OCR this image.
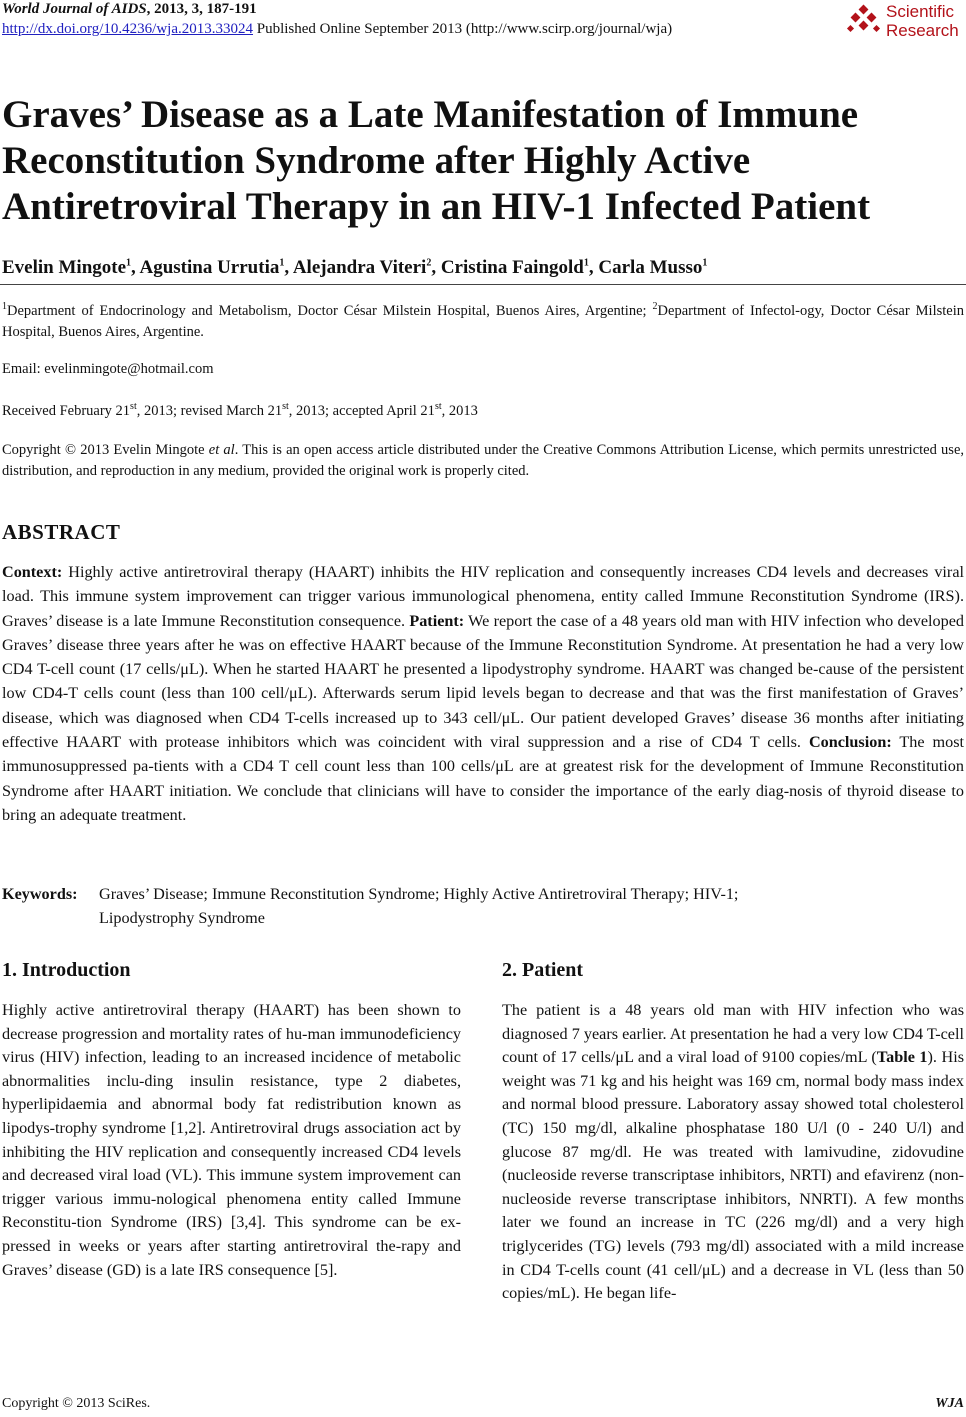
World Journal of AIDS, 2013, 3, 187-191
http://dx.doi.org/10.4236/wja.2013.33024 Published Online September 2013 (http://www.scirp.org/journal/wja)
Scientific
Research
Graves’ Disease as a Late Manifestation of Immune
Reconstitution Syndrome after Highly Active
Antiretroviral Therapy in an HIV-1 Infected Patient
Evelin Mingote$^1$, Agustina Urrutia$^1$, Alejandra Viteri$^2$, Cristina Faingold$^1$, Carla Musso$^1$
$^1$Department of Endocrinology and Metabolism, Doctor César Milstein Hospital, Buenos Aires, Argentine; $^2$Department of Infectol-ogy, Doctor César Milstein Hospital, Buenos Aires, Argentine.
Email: evelinmingote@hotmail.com
Received February 21st, 2013; revised March 21st, 2013; accepted April 21st, 2013
Copyright © 2013 Evelin Mingote et al. This is an open access article distributed under the Creative Commons Attribution License, which permits unrestricted use, distribution, and reproduction in any medium, provided the original work is properly cited.
ABSTRACT

Context: Highly active antiretroviral therapy (HAART) inhibits the HIV replication and consequently increases CD4 levels and decreases viral load. This immune system improvement can trigger various immunological phenomena, entity called Immune Reconstitution Syndrome (IRS). Graves’ disease is a late Immune Reconstitution consequence. Patient: We report the case of a 48 years old man with HIV infection who developed Graves’ disease three years after he was on effective HAART because of the Immune Reconstitution Syndrome. At presentation he had a very low CD4 T-cell count (17 cells/μL). When he started HAART he presented a lipodystrophy syndrome. HAART was changed be-cause of the persistent low CD4-T cells count (less than 100 cell/μL). Afterwards serum lipid levels began to decrease and that was the first manifestation of Graves’ disease, which was diagnosed when CD4 T-cells increased up to 343 cell/μL. Our patient developed Graves’ disease 36 months after initiating effective HAART with protease inhibitors which was coincident with viral suppression and a rise of CD4 T cells. Conclusion: The most immunosuppressed pa-tients with a CD4 T cell count less than 100 cells/μL are at greatest risk for the development of Immune Reconstitution Syndrome after HAART initiation. We conclude that clinicians will have to consider the importance of the early diag-nosis of thyroid disease to bring an adequate treatment.

Keywords: Graves’ Disease; Immune Reconstitution Syndrome; Highly Active Antiretroviral Therapy; HIV-1;
Lipodystrophy Syndrome
1. Introduction

Highly active antiretroviral therapy (HAART) has been shown to decrease progression and mortality rates of hu-man immunodeficiency virus (HIV) infection, leading to an increased incidence of metabolic abnormalities inclu-ding insulin resistance, type 2 diabetes, hyperlipidaemia and abnormal body fat redistribution known as lipodys-trophy syndrome [1,2]. Antiretroviral drugs association act by inhibiting the HIV replication and consequently increased CD4 levels and decreased viral load (VL). This immune system improvement can trigger various immu-nological phenomena entity called Immune Reconstitu-tion Syndrome (IRS) [3,4]. This syndrome can be ex-pressed in weeks or years after starting antiretroviral the-rapy and Graves’ disease (GD) is a late IRS consequence [5].

2. Patient

The patient is a 48 years old man with HIV infection who was diagnosed 7 years earlier. At presentation he had a very low CD4 T-cell count of 17 cells/μL and a viral load of 9100 copies/mL (Table 1). His weight was 71 kg and his height was 169 cm, normal body mass index and normal blood pressure. Laboratory assay showed total cholesterol (TC) 150 mg/dl, alkaline phosphatase 180 U/l (0 - 240 U/l) and glucose 87 mg/dl. He was treated with lamivudine, zidovudine (nucleoside reverse transcriptase inhibitors, NRTI) and efavirenz (non-nucleoside reverse transcriptase inhibitors, NNRTI). A few months later we found an increase in TC (226 mg/dl) and a very high triglycerides (TG) levels (793 mg/dl) associated with a mild increase in CD4 T-cells count (41 cell/μL) and a decrease in VL (less than 50 copies/mL). He began life-

Copyright © 2013 SciRes.	WJA
